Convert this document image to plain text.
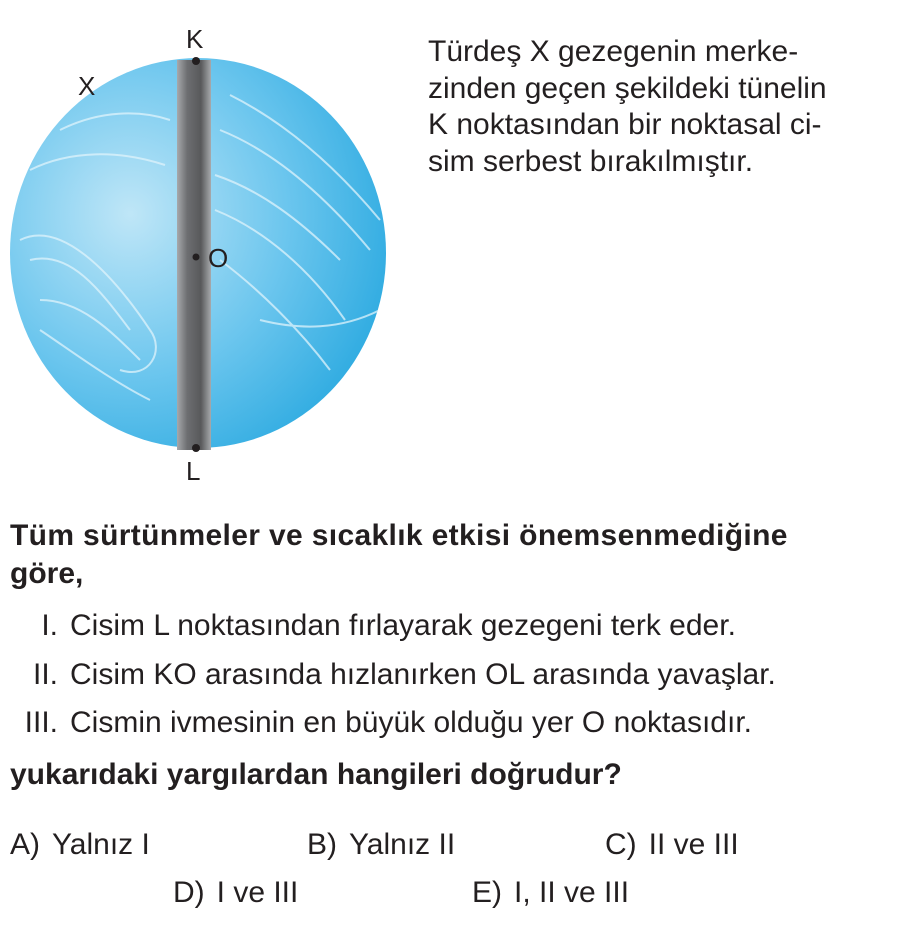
K
L
O
X
Türdeş X gezegenin merke-
zinden geçen şekildeki tünelin
K noktasından bir noktasal ci-
sim serbest bırakılmıştır.
Tüm sürtünmeler ve sıcaklık etkisi önemsenmediğine
göre,
I. Cisim L noktasından fırlayarak gezegeni terk eder.
II. Cisim KO arasında hızlanırken OL arasında yavaşlar.
III. Cismin ivmesinin en büyük olduğu yer O noktasıdır.
yukarıdaki yargılardan hangileri doğrudur?
A) Yalnız I	B) Yalnız II	C) II ve III
D) I ve III	E) I, II ve III
